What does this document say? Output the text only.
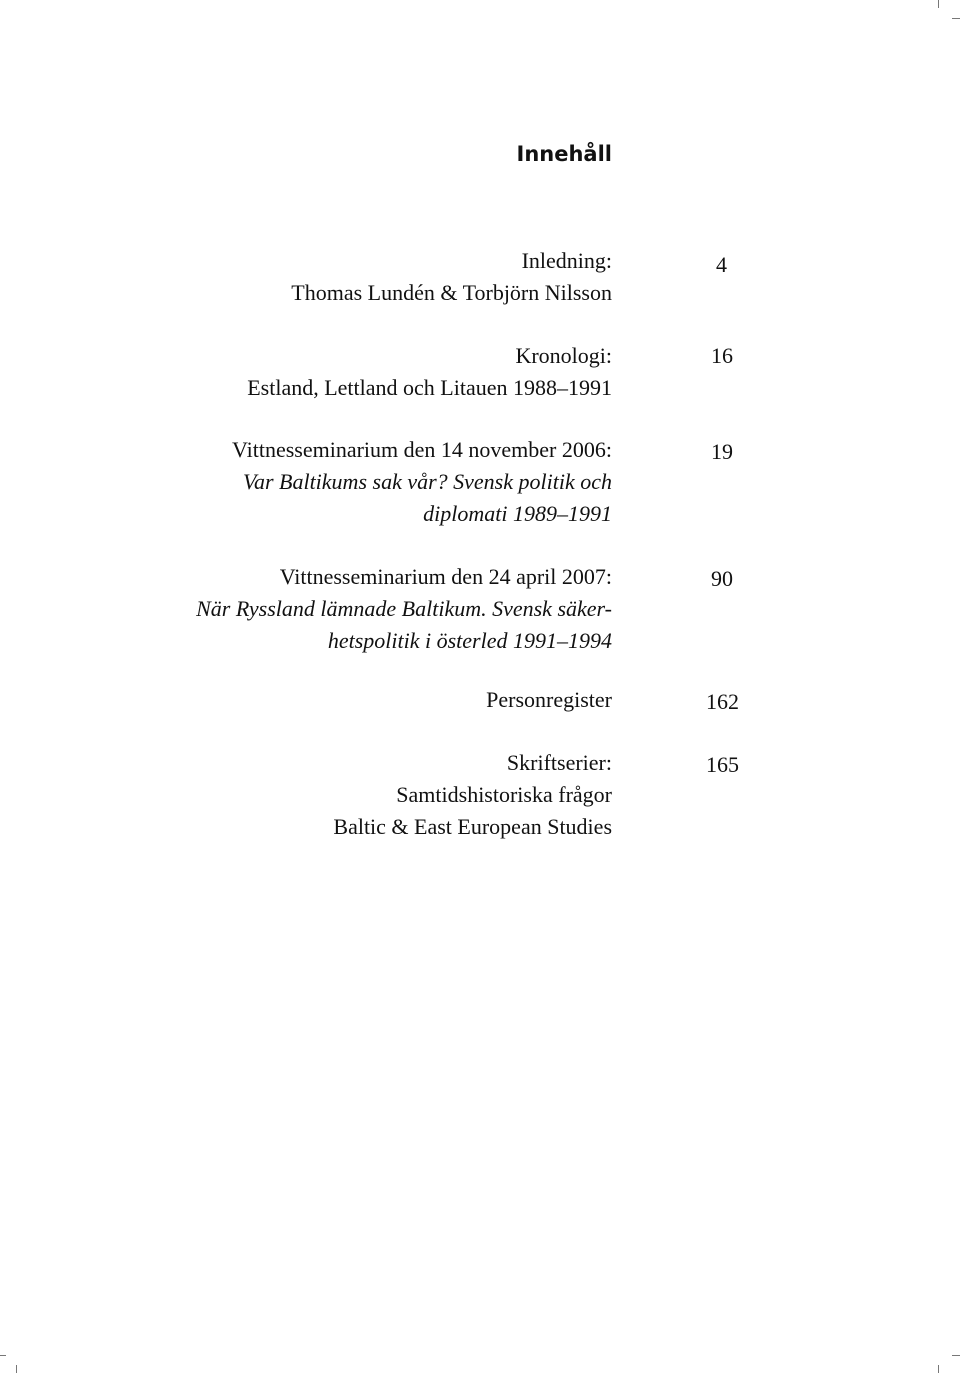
Innehåll
Inledning:
Thomas Lundén & Torbjörn Nilsson
4
Kronologi:
Estland, Lettland och Litauen 1988–1991
16
Vittnesseminarium den 14 november 2006:
Var Baltikums sak vår? Svensk politik och
diplomati 1989–1991
19
Vittnesseminarium den 24 april 2007:
När Ryssland lämnade Baltikum. Svensk säker-
hetspolitik i österled 1991–1994
90
Personregister	162
Skriftserier:
Samtidshistoriska frågor
Baltic & East European Studies
165
